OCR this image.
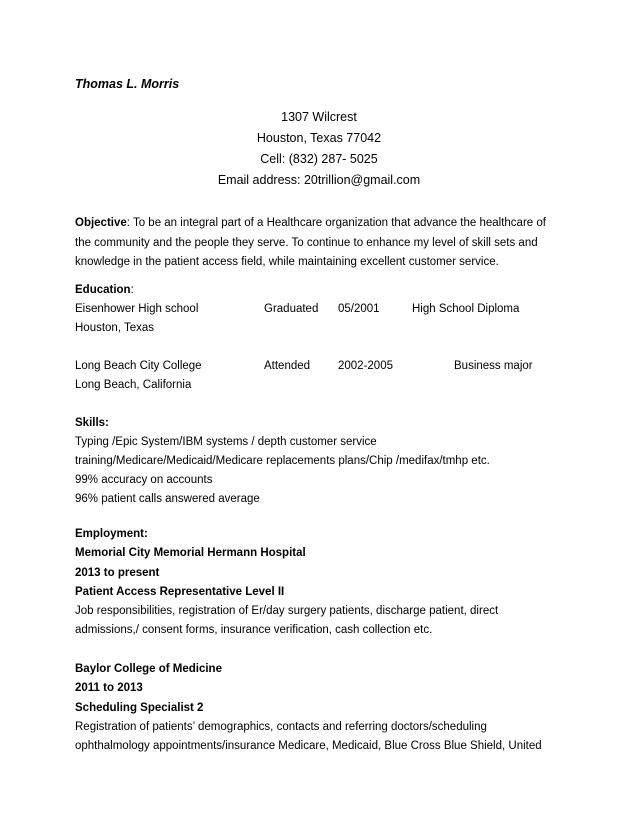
Thomas L. Morris
1307 Wilcrest
Houston, Texas 77042
Cell: (832) 287- 5025
Email address: 20trillion@gmail.com
Objective: To be an integral part of a Healthcare organization that advance the healthcare of
the community and the people they serve. To continue to enhance my level of skill sets and
knowledge in the patient access field, while maintaining excellent customer service.
Education:
Eisenhower High school	Graduated 05/2001	High School Diploma
Houston, Texas
Long Beach City College	Attended 2002-2005	Business major
Long Beach, California
Skills:
Typing /Epic System/IBM systems / depth customer service
training/Medicare/Medicaid/Medicare replacements plans/Chip /medifax/tmhp etc.
99% accuracy on accounts
96% patient calls answered average
Employment:
Memorial City Memorial Hermann Hospital
2013 to present
Patient Access Representative Level II
Job responsibilities, registration of Er/day surgery patients, discharge patient, direct
admissions,/ consent forms, insurance verification, cash collection etc.
Baylor College of Medicine
2011 to 2013
Scheduling Specialist 2
Registration of patients’ demographics, contacts and referring doctors/scheduling
ophthalmology appointments/insurance Medicare, Medicaid, Blue Cross Blue Shield, United
